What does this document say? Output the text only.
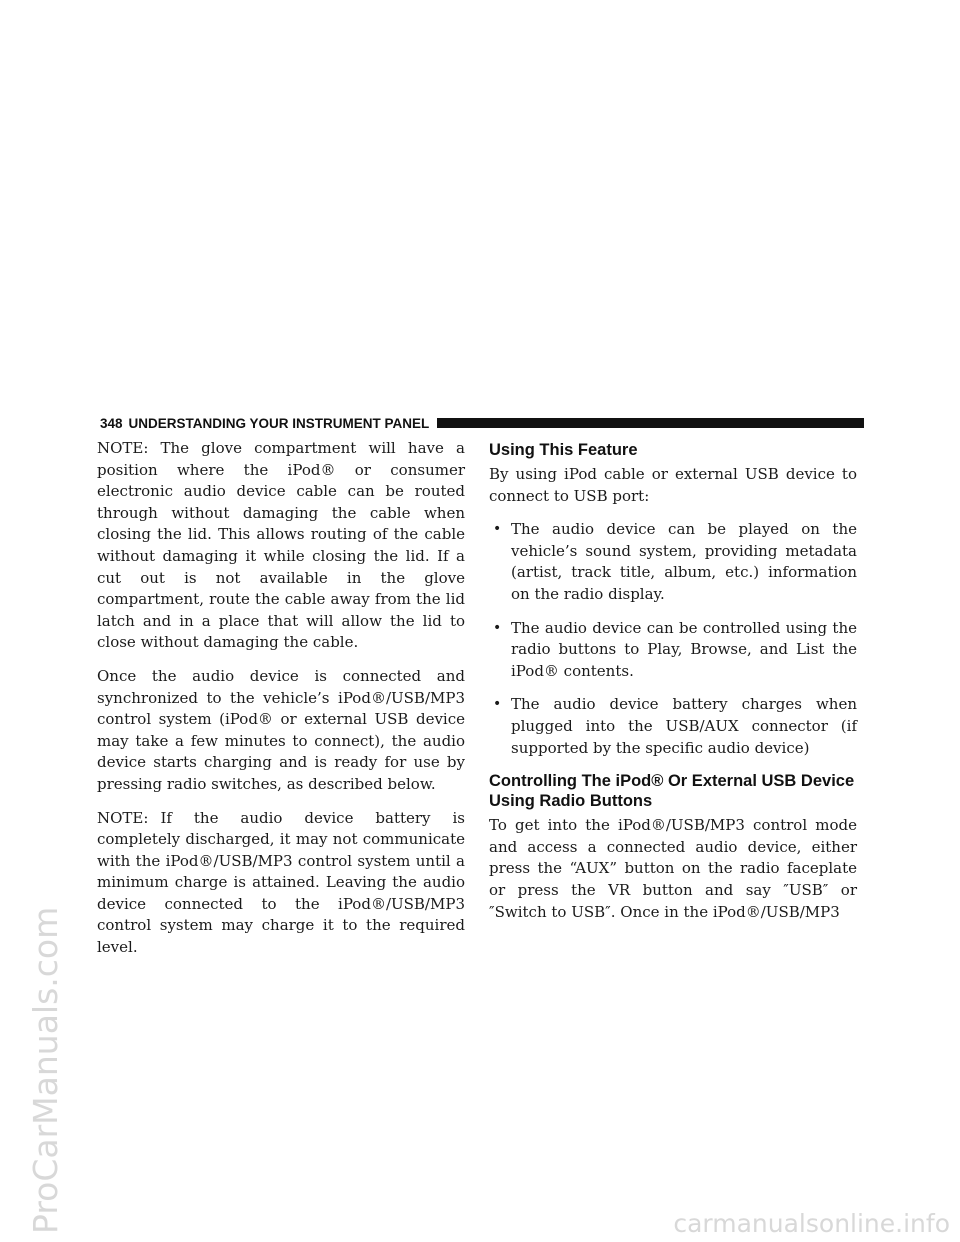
ProCarManuals.com	carmanualsonline.info
348 UNDERSTANDING YOUR INSTRUMENT PANEL

NOTE: The glove compartment will have a position where the iPod® or consumer electronic audio device cable can be routed through without damaging the cable when closing the lid. This allows routing of the cable without damaging it while closing the lid. If a cut out is not available in the glove compartment, route the cable away from the lid latch and in a place that will allow the lid to close without damaging the cable.

Once the audio device is connected and synchronized to the vehicle’s iPod®/USB/MP3 control system (iPod® or external USB device may take a few minutes to connect), the audio device starts charging and is ready for use by pressing radio switches, as described below.

NOTE: If the audio device battery is completely discharged, it may not communicate with the iPod®/USB/MP3 control system until a minimum charge is attained. Leaving the audio device connected to the iPod®/USB/MP3 control system may charge it to the required level.

Using This Feature

By using iPod cable or external USB device to connect to USB port:

• The audio device can be played on the vehicle’s sound system, providing metadata (artist, track title, album, etc.) information on the radio display.
• The audio device can be controlled using the radio buttons to Play, Browse, and List the iPod® contents.
• The audio device battery charges when plugged into the USB/AUX connector (if supported by the specific audio device)
Controlling The iPod® Or External USB Device Using Radio Buttons

To get into the iPod®/USB/MP3 control mode and access a connected audio device, either press the “AUX” button on the radio faceplate or press the VR button and say ″USB″ or ″Switch to USB″. Once in the iPod®/USB/MP3
